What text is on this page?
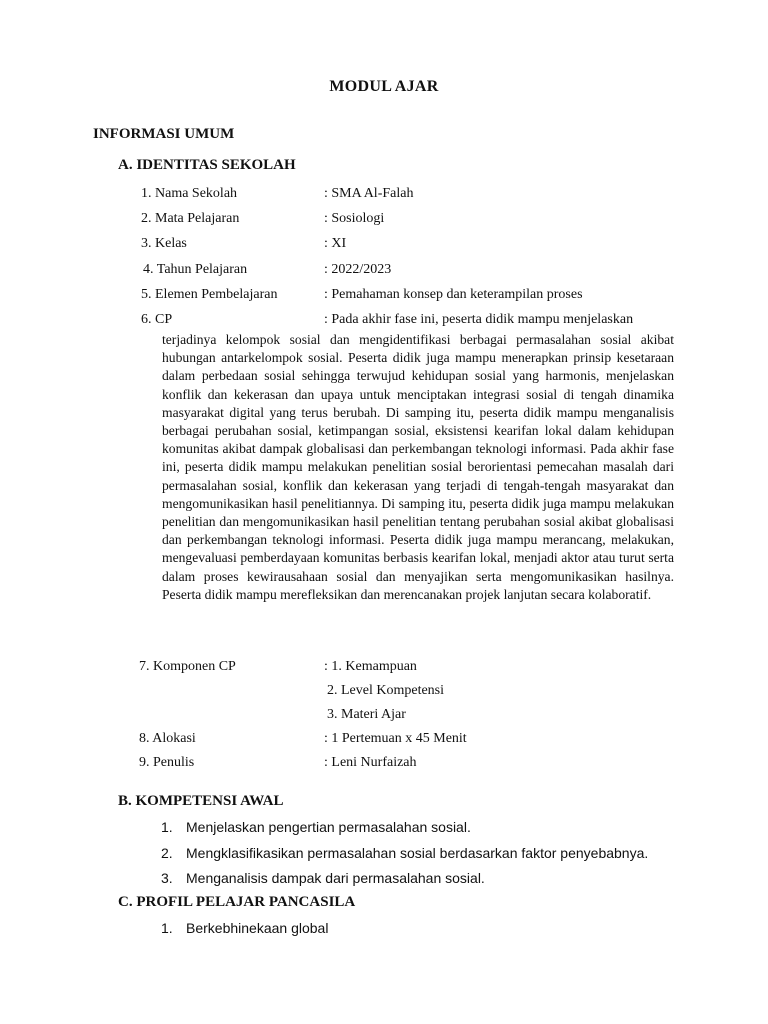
MODUL AJAR
INFORMASI UMUM
A. IDENTITAS SEKOLAH
1. Nama Sekolah	: SMA Al-Falah
2. Mata Pelajaran	: Sosiologi
3. Kelas	: XI
4. Tahun Pelajaran	: 2022/2023
5. Elemen Pembelajaran	: Pemahaman konsep dan keterampilan proses
6. CP	: Pada akhir fase ini, peserta didik mampu menjelaskan
terjadinya kelompok sosial dan mengidentifikasi berbagai permasalahan sosial akibat hubungan antarkelompok sosial. Peserta didik juga mampu menerapkan prinsip kesetaraan dalam perbedaan sosial sehingga terwujud kehidupan sosial yang harmonis, menjelaskan konflik dan kekerasan dan upaya untuk menciptakan integrasi sosial di tengah dinamika masyarakat digital yang terus berubah. Di samping itu, peserta didik mampu menganalisis berbagai perubahan sosial, ketimpangan sosial, eksistensi kearifan lokal dalam kehidupan komunitas akibat dampak globalisasi dan perkembangan teknologi informasi. Pada akhir fase ini, peserta didik mampu melakukan penelitian sosial berorientasi pemecahan masalah dari permasalahan sosial, konflik dan kekerasan yang terjadi di tengah-tengah masyarakat dan mengomunikasikan hasil penelitiannya. Di samping itu, peserta didik juga mampu melakukan penelitian dan mengomunikasikan hasil penelitian tentang perubahan sosial akibat globalisasi dan perkembangan teknologi informasi. Peserta didik juga mampu merancang, melakukan, mengevaluasi pemberdayaan komunitas berbasis kearifan lokal, menjadi aktor atau turut serta dalam proses kewirausahaan sosial dan menyajikan serta mengomunikasikan hasilnya. Peserta didik mampu merefleksikan dan merencanakan projek lanjutan secara kolaboratif.
7. Komponen CP	: 1. Kemampuan
2. Level Kompetensi
3. Materi Ajar
8. Alokasi	: 1 Pertemuan x 45 Menit
9. Penulis	: Leni Nurfaizah
B. KOMPETENSI AWAL
1. Menjelaskan pengertian permasalahan sosial.
2. Mengklasifikasikan permasalahan sosial berdasarkan faktor penyebabnya.
3. Menganalisis dampak dari permasalahan sosial.
C. PROFIL PELAJAR PANCASILA
1. Berkebhinekaan global
